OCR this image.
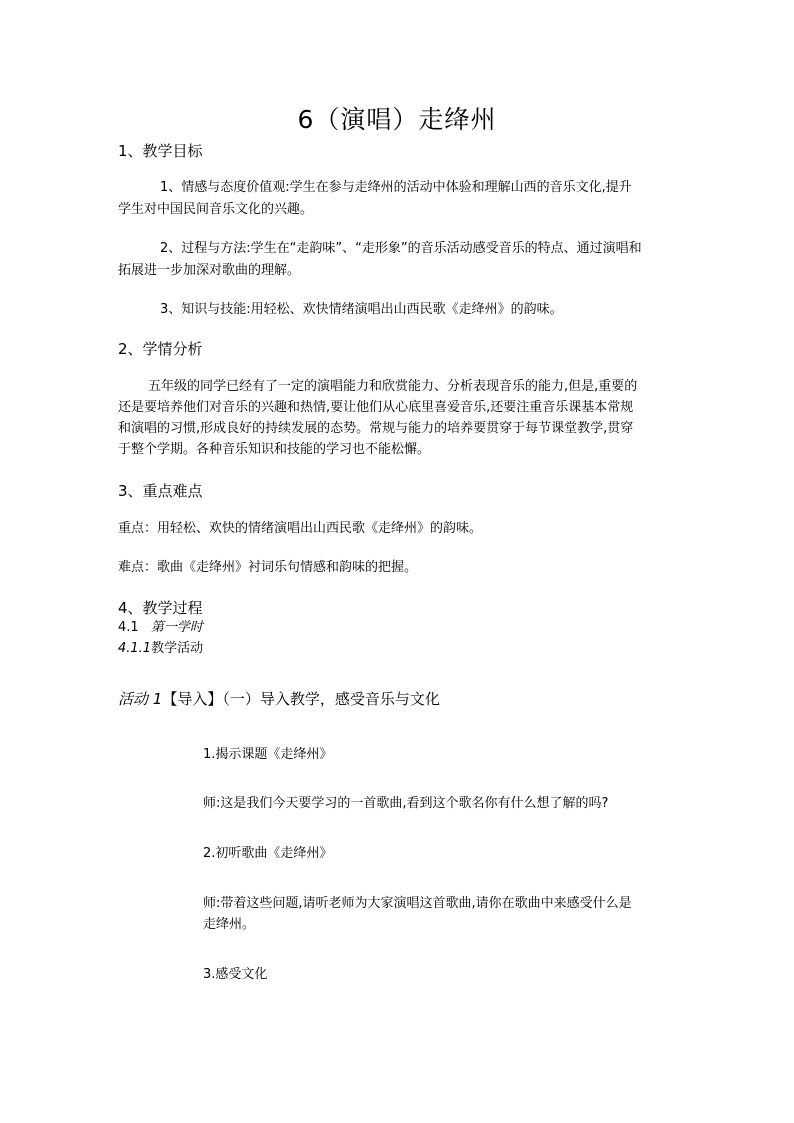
6（演唱）走绛州
1、教学目标
1、情感与态度价值观:学生在参与走绛州的活动中体验和理解山西的音乐文化,提升
学生对中国民间音乐文化的兴趣。
2、过程与方法:学生在“走韵味”、“走形象”的音乐活动感受音乐的特点、通过演唱和
拓展进一步加深对歌曲的理解。
3、知识与技能:用轻松、欢快情绪演唱出山西民歌《走绛州》的韵味。
2、学情分析
五年级的同学已经有了一定的演唱能力和欣赏能力、分析表现音乐的能力,但是,重要的
还是要培养他们对音乐的兴趣和热情,要让他们从心底里喜爱音乐,还要注重音乐课基本常规
和演唱的习惯,形成良好的持续发展的态势。常规与能力的培养要贯穿于每节课堂教学,贯穿
于整个学期。各种音乐知识和技能的学习也不能松懈。
3、重点难点
重点：用轻松、欢快的情绪演唱出山西民歌《走绛州》的韵味。
难点：歌曲《走绛州》衬词乐句情感和韵味的把握。
4、教学过程
4.1 第一学时
4.1.1教学活动
活动 1【导入】（一）导入教学，感受音乐与文化
1.揭示课题《走绛州》
师:这是我们今天要学习的一首歌曲,看到这个歌名你有什么想了解的吗?
2.初听歌曲《走绛州》
师:带着这些问题,请听老师为大家演唱这首歌曲,请你在歌曲中来感受什么是
走绛州。
3.感受文化
